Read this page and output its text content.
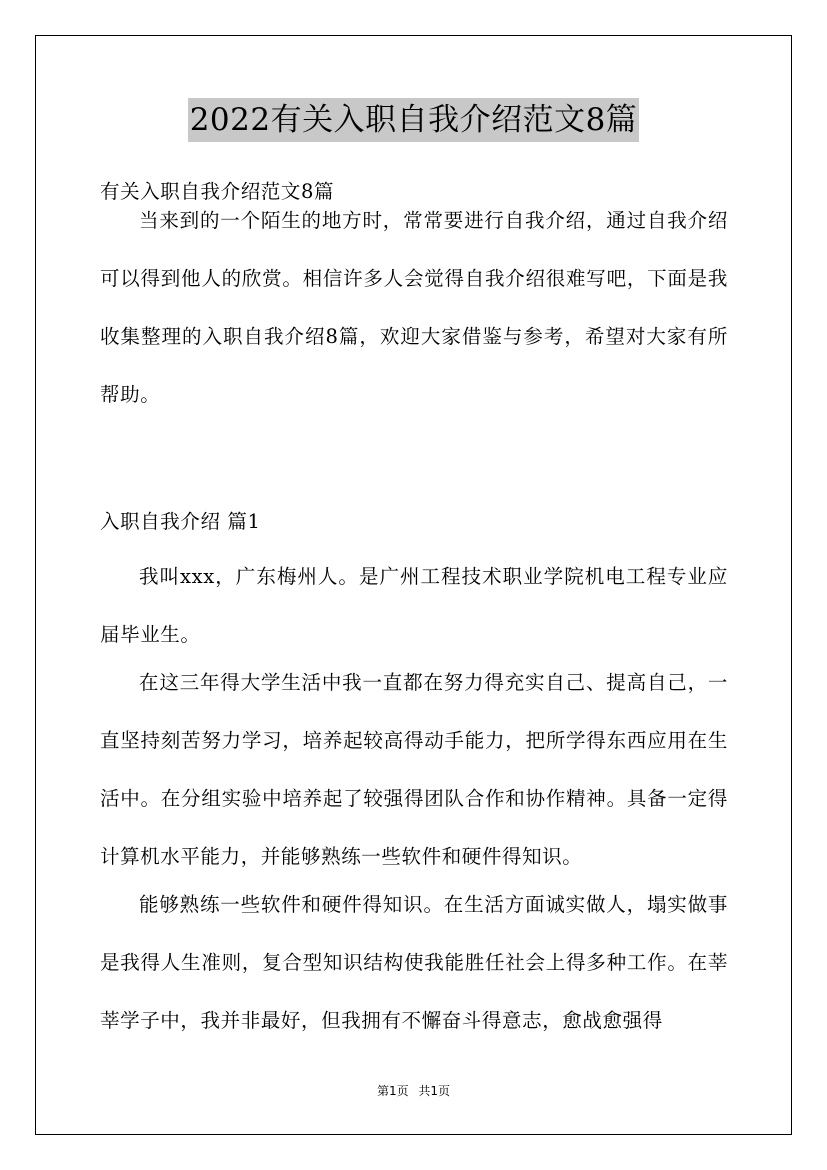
2022有关入职自我介绍范文8篇

有关入职自我介绍范文8篇

当来到的一个陌生的地方时，常常要进行自我介绍，通过自我介绍可以得到他人的欣赏。相信许多人会觉得自我介绍很难写吧，下面是我收集整理的入职自我介绍8篇，欢迎大家借鉴与参考，希望对大家有所帮助。

入职自我介绍 篇1

我叫xxx，广东梅州人。是广州工程技术职业学院机电工程专业应届毕业生。

在这三年得大学生活中我一直都在努力得充实自己、提高自己，一直坚持刻苦努力学习，培养起较高得动手能力，把所学得东西应用在生活中。在分组实验中培养起了较强得团队合作和协作精神。具备一定得计算机水平能力，并能够熟练一些软件和硬件得知识。

能够熟练一些软件和硬件得知识。在生活方面诚实做人，塌实做事是我得人生准则，复合型知识结构使我能胜任社会上得多种工作。在莘莘学子中，我并非最好，但我拥有不懈奋斗得意志，愈战愈强得

第1页 共1页
